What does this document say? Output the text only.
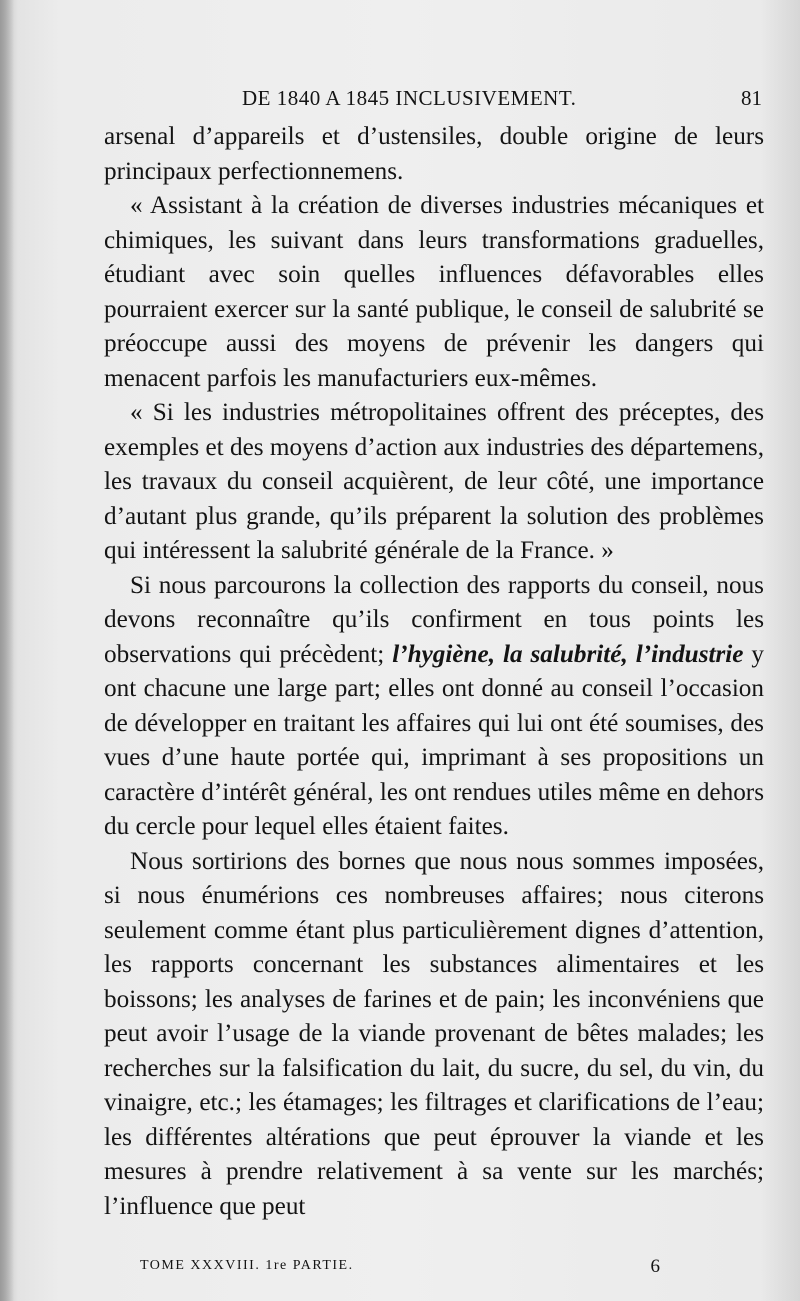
DE 1840 A 1845 INCLUSIVEMENT.	81

arsenal d’appareils et d’ustensiles, double origine de leurs principaux perfectionnemens.

« Assistant à la création de diverses industries mécaniques et chimiques, les suivant dans leurs transformations graduelles, étudiant avec soin quelles influences défavorables elles pourraient exercer sur la santé publique, le conseil de salubrité se préoccupe aussi des moyens de prévenir les dangers qui menacent parfois les manufacturiers eux-mêmes.

« Si les industries métropolitaines offrent des préceptes, des exemples et des moyens d’action aux industries des départemens, les travaux du conseil acquièrent, de leur côté, une importance d’autant plus grande, qu’ils préparent la solution des problèmes qui intéressent la salubrité générale de la France. »

Si nous parcourons la collection des rapports du conseil, nous devons reconnaître qu’ils confirment en tous points les observations qui précèdent; l’hygiène, la salubrité, l’industrie y ont chacune une large part; elles ont donné au conseil l’occasion de développer en traitant les affaires qui lui ont été soumises, des vues d’une haute portée qui, imprimant à ses propositions un caractère d’intérêt général, les ont rendues utiles même en dehors du cercle pour lequel elles étaient faites.

Nous sortirions des bornes que nous nous sommes imposées, si nous énumérions ces nombreuses affaires; nous citerons seulement comme étant plus particulièrement dignes d’attention, les rapports concernant les substances alimentaires et les boissons; les analyses de farines et de pain; les inconvéniens que peut avoir l’usage de la viande provenant de bêtes malades; les recherches sur la falsification du lait, du sucre, du sel, du vin, du vinaigre, etc.; les étamages; les filtrages et clarifications de l’eau; les différentes altérations que peut éprouver la viande et les mesures à prendre relativement à sa vente sur les marchés; l’influence que peut

TOME XXXVIII. 1re PARTIE.	6
